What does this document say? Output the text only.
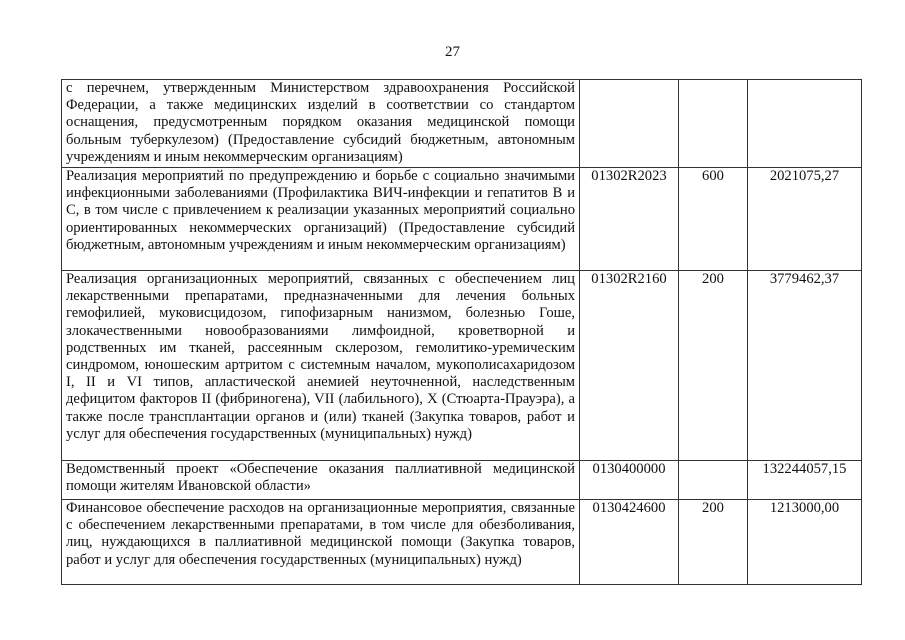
27
с перечнем, утвержденным Министерством здравоохранения Российской Федерации, а также медицинских изделий в соответствии со стандартом оснащения, предусмотренным порядком оказания медицинской помощи больным туберкулезом) (Предоставление субсидий бюджетным, автономным учреждениям и иным некоммерческим организациям)			
Реализация мероприятий по предупреждению и борьбе с социально значимыми инфекционными заболеваниями (Профилактика ВИЧ-инфекции и гепатитов В и С, в том числе с привлечением к реализации указанных мероприятий социально ориентированных некоммерческих организаций) (Предоставление субсидий бюджетным, автономным учреждениям и иным некоммерческим организациям)	01302R2023	600	2021075,27
Реализация организационных мероприятий, связанных с обеспечением лиц лекарственными препаратами, предназначенными для лечения больных гемофилией, муковисцидозом, гипофизарным нанизмом, болезнью Гоше, злокачественными новообразованиями лимфоидной, кроветворной и родственных им тканей, рассеянным склерозом, гемолитико-уремическим синдромом, юношеским артритом с системным началом, мукополисахаридозом I, II и VI типов, апластической анемией неуточненной, наследственным дефицитом факторов II (фибриногена), VII (лабильного), X (Стюарта-Прауэра), а также после трансплантации органов и (или) тканей (Закупка товаров, работ и услуг для обеспечения государственных (муниципальных) нужд)	01302R2160	200	3779462,37
Ведомственный проект «Обеспечение оказания паллиативной медицинской помощи жителям Ивановской области»	0130400000		132244057,15
Финансовое обеспечение расходов на организационные мероприятия, связанные с обеспечением лекарственными препаратами, в том числе для обезболивания, лиц, нуждающихся в паллиативной медицинской помощи (Закупка товаров, работ и услуг для обеспечения государственных (муниципальных) нужд)	0130424600	200	1213000,00
